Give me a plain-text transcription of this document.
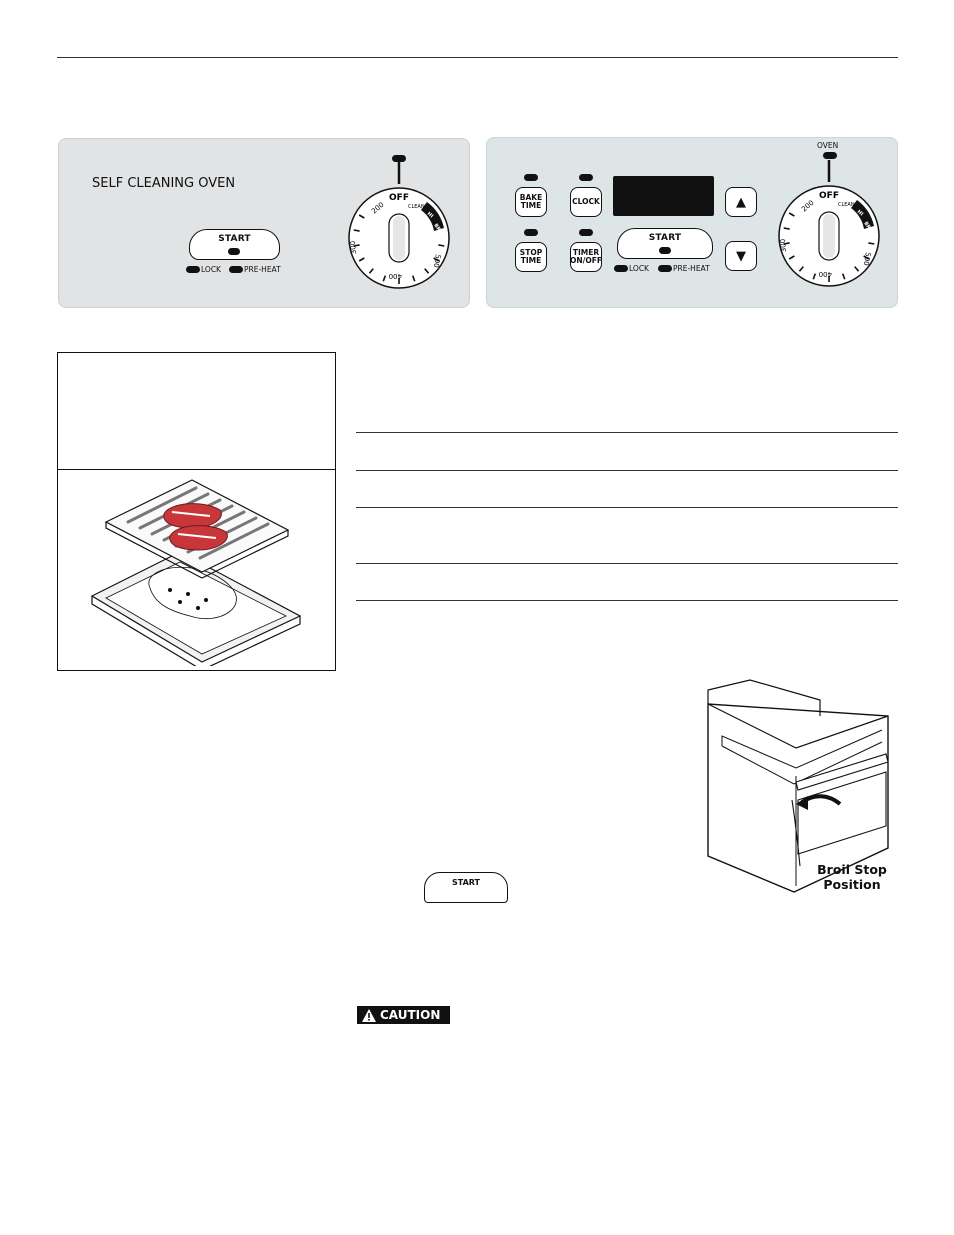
SELF CLEANING OVEN
START
LOCK	PRE-HEAT
OFF
200
300
400
500
CLEAN
HI
BROIL
BAKE
TIME	CLOCK
STOP
TIME
TIMER
ON/OFF
START
LOCK	PRE-HEAT
▲
▼
OVEN
OFF
200
300
400
500
CLEAN
HI
BROIL
Broil Stop
Position
START
CAUTION
